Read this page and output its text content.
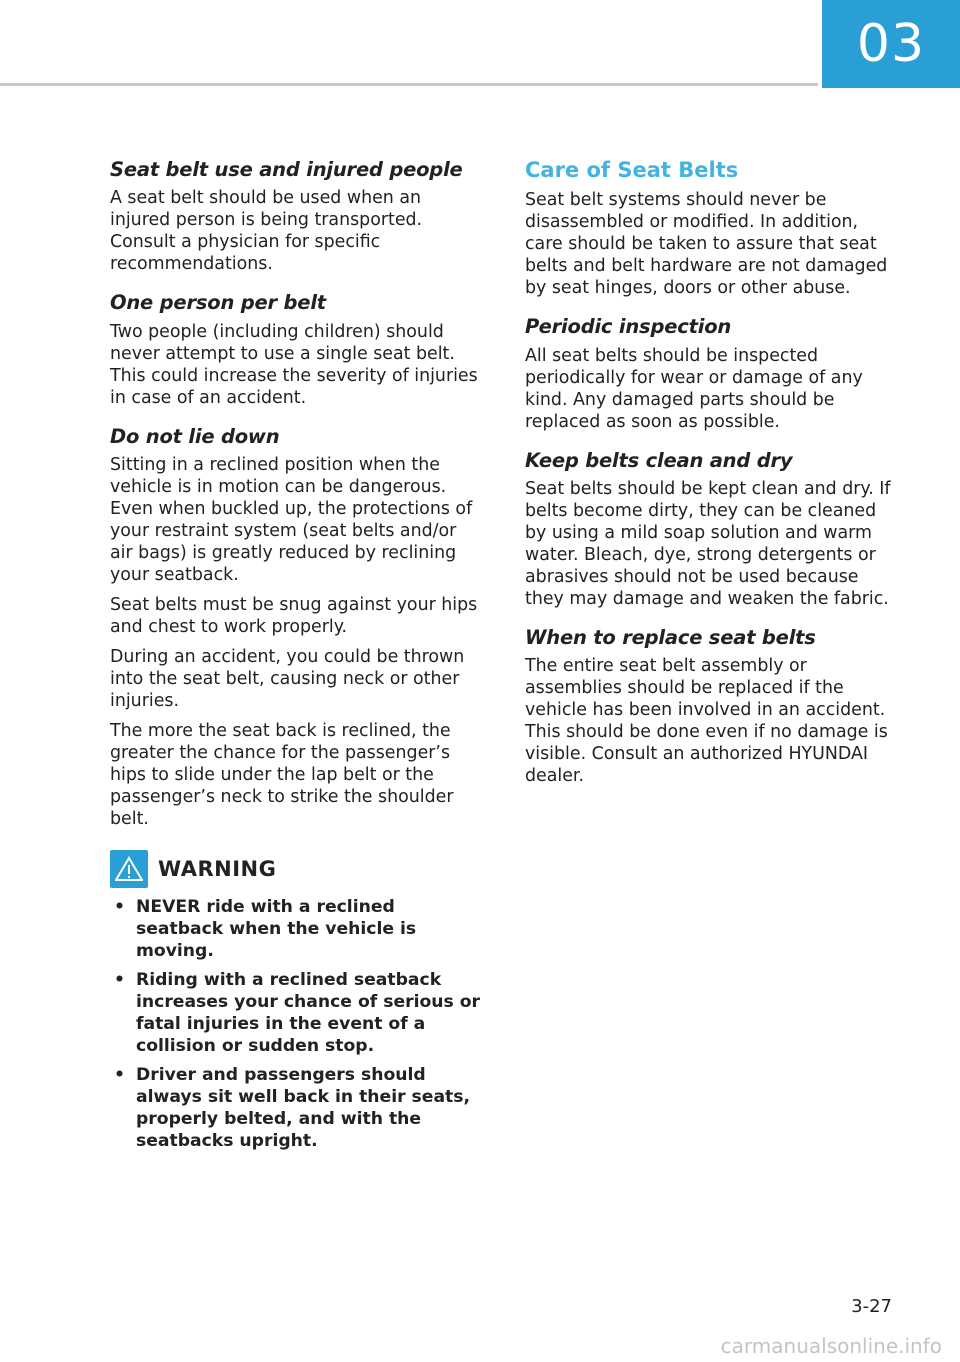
03
Seat belt use and injured people

A seat belt should be used when an injured person is being transported. Consult a physician for specific recommendations.

One person per belt

Two people (including children) should never attempt to use a single seat belt. This could increase the severity of injuries in case of an accident.

Do not lie down

Sitting in a reclined position when the vehicle is in motion can be dangerous. Even when buckled up, the protections of your restraint system (seat belts and/or air bags) is greatly reduced by reclining your seatback.

Seat belts must be snug against your hips and chest to work properly.

During an accident, you could be thrown into the seat belt, causing neck or other injuries.

The more the seat back is reclined, the greater the chance for the passenger’s hips to slide under the lap belt or the passenger’s neck to strike the shoulder belt.

WARNING
• NEVER ride with a reclined seatback when the vehicle is moving.
• Riding with a reclined seatback increases your chance of serious or fatal injuries in the event of a collision or sudden stop.
• Driver and passengers should always sit well back in their seats, properly belted, and with the seatbacks upright.
Care of Seat Belts

Seat belt systems should never be disassembled or modified. In addition, care should be taken to assure that seat belts and belt hardware are not damaged by seat hinges, doors or other abuse.

Periodic inspection

All seat belts should be inspected periodically for wear or damage of any kind. Any damaged parts should be replaced as soon as possible.

Keep belts clean and dry

Seat belts should be kept clean and dry. If belts become dirty, they can be cleaned by using a mild soap solution and warm water. Bleach, dye, strong detergents or abrasives should not be used because they may damage and weaken the fabric.

When to replace seat belts

The entire seat belt assembly or assemblies should be replaced if the vehicle has been involved in an accident. This should be done even if no damage is visible. Consult an authorized HYUNDAI dealer.

3-27
carmanualsonline.info
